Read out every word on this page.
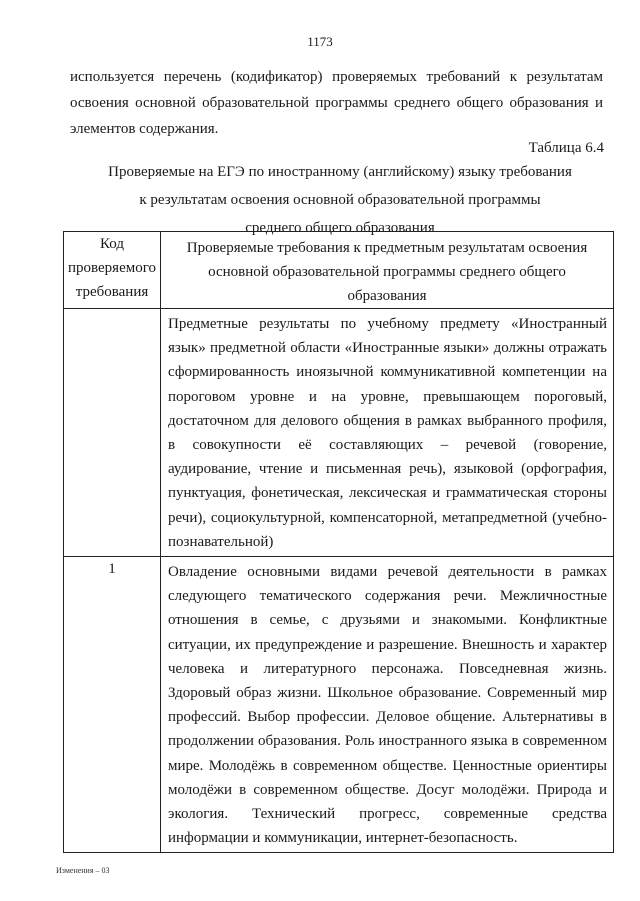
1173

используется перечень (кодификатор) проверяемых требований к результатам освоения основной образовательной программы среднего общего образования и элементов содержания.

Таблица 6.4
Проверяемые на ЕГЭ по иностранному (английскому) языку требования
к результатам освоения основной образовательной программы
среднего общего образования
Код проверяемого требования	Проверяемые требования к предметным результатам освоения основной образовательной программы среднего общего образования

	Предметные результаты по учебному предмету «Иностранный язык» предметной области «Иностранные языки» должны отражать сформированность иноязычной коммуникативной компетенции на пороговом уровне и на уровне, превышающем пороговый, достаточном для делового общения в рамках выбранного профиля, в совокупности её составляющих – речевой (говорение, аудирование, чтение и письменная речь), языковой (орфография, пунктуация, фонетическая, лексическая и грамматическая стороны речи), социокультурной, компенсаторной, метапредметной (учебно-познавательной)

1	Овладение основными видами речевой деятельности в рамках следующего тематического содержания речи. Межличностные отношения в семье, с друзьями и знакомыми. Конфликтные ситуации, их предупреждение и разрешение. Внешность и характер человека и литературного персонажа. Повседневная жизнь. Здоровый образ жизни. Школьное образование. Современный мир профессий. Выбор профессии. Деловое общение. Альтернативы в продолжении образования. Роль иностранного языка в современном мире. Молодёжь в современном обществе. Ценностные ориентиры молодёжи в современном обществе. Досуг молодёжи. Природа и экология. Технический прогресс, современные средства информации и коммуникации, интернет-безопасность.
Изменения – 03
